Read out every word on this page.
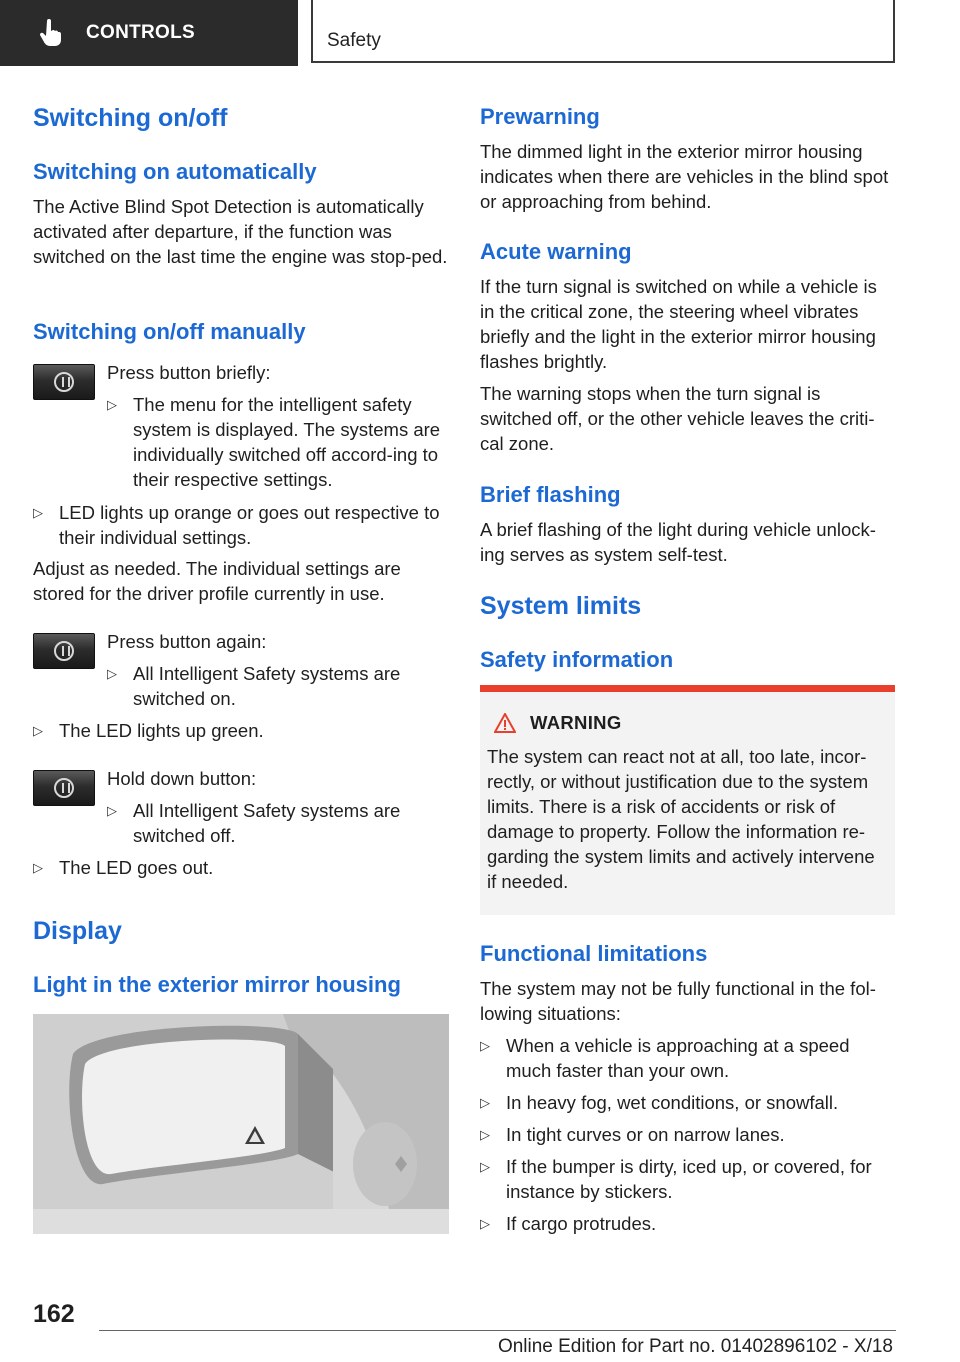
CONTROLS	Safety
Switching on/off
Switching on automatically

The Active Blind Spot Detection is automatically activated after departure, if the function was switched on the last time the engine was stop-ped.

Switching on/off manually

Press button briefly:

▷ The menu for the intelligent safety system is displayed. The systems are individually switched off accord-ing to their respective settings.

▷ LED lights up orange or goes out respective to their individual settings.

Adjust as needed. The individual settings are stored for the driver profile currently in use.

Press button again:

▷ All Intelligent Safety systems are switched on.

▷ The LED lights up green.

Hold down button:

▷ All Intelligent Safety systems are switched off.

▷ The LED goes out.

Display
Light in the exterior mirror housing
Prewarning

The dimmed light in the exterior mirror housing indicates when there are vehicles in the blind spot or approaching from behind.

Acute warning

If the turn signal is switched on while a vehicle is in the critical zone, the steering wheel vibrates briefly and the light in the exterior mirror housing flashes brightly.

The warning stops when the turn signal is switched off, or the other vehicle leaves the criti-cal zone.

Brief flashing

A brief flashing of the light during vehicle unlock-ing serves as system self-test.

System limits
Safety information
WARNING

The system can react not at all, too late, incor-rectly, or without justification due to the system limits. There is a risk of accidents or risk of damage to property. Follow the information re-garding the system limits and actively intervene if needed.

Functional limitations

The system may not be fully functional in the fol-lowing situations:

▷ When a vehicle is approaching at a speed much faster than your own.

▷ In heavy fog, wet conditions, or snowfall.

▷ In tight curves or on narrow lanes.

▷ If the bumper is dirty, iced up, or covered, for instance by stickers.

▷ If cargo protrudes.

162
Online Edition for Part no. 01402896102 - X/18
